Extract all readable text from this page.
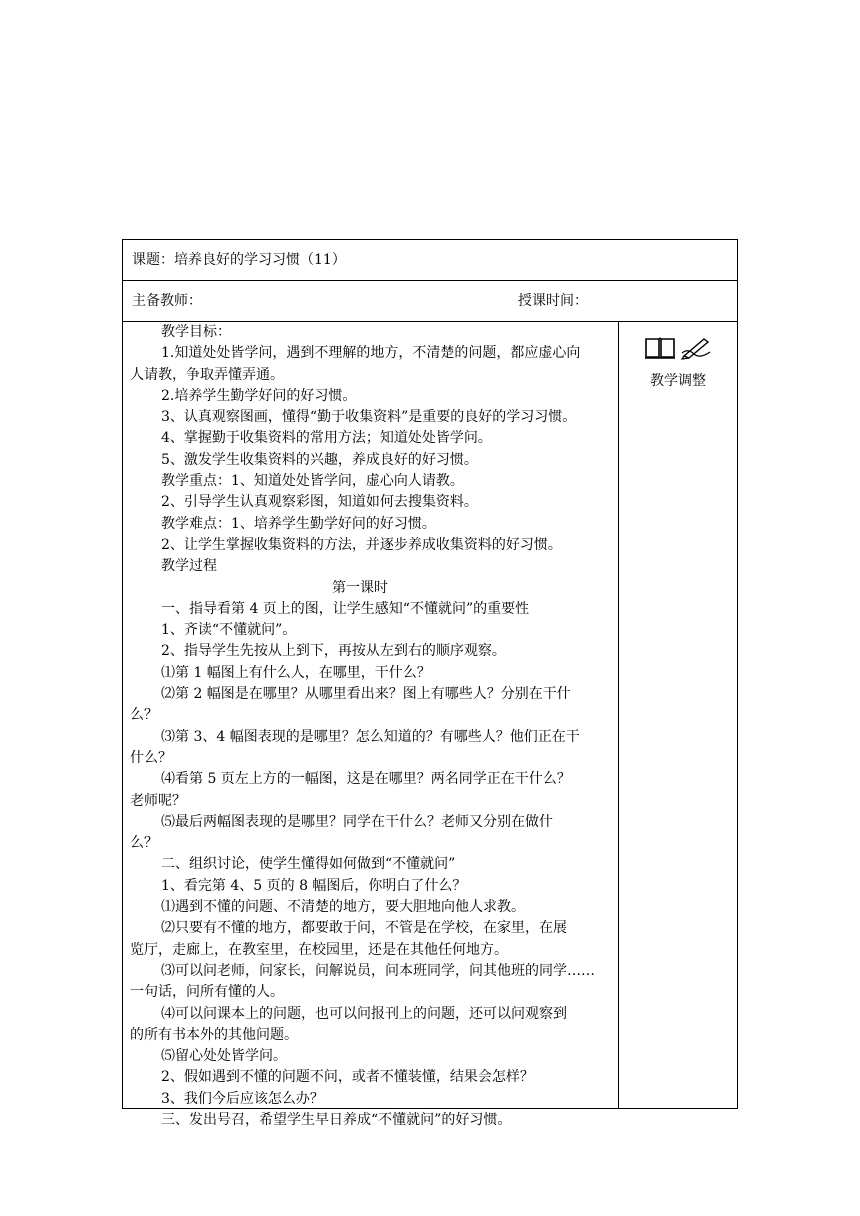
课题：培养良好的学习习惯（11）
主备教师：	授课时间：
教学目标：
1.知道处处皆学问，遇到不理解的地方，不清楚的问题，都应虚心向
人请教，争取弄懂弄通。
2.培养学生勤学好问的好习惯。
3、认真观察图画，懂得“勤于收集资料”是重要的良好的学习习惯。
4、掌握勤于收集资料的常用方法；知道处处皆学问。
5、激发学生收集资料的兴趣，养成良好的好习惯。
教学重点：1、知道处处皆学问，虚心向人请教。
2、引导学生认真观察彩图，知道如何去搜集资料。
教学难点：1、培养学生勤学好问的好习惯。
2、让学生掌握收集资料的方法，并逐步养成收集资料的好习惯。
教学过程
第一课时
一、指导看第 4 页上的图，让学生感知“不懂就问”的重要性
1、齐读“不懂就问”。
2、指导学生先按从上到下，再按从左到右的顺序观察。
⑴第 1 幅图上有什么人，在哪里，干什么？
⑵第 2 幅图是在哪里？从哪里看出来？图上有哪些人？分别在干什
么？
⑶第 3、4 幅图表现的是哪里？怎么知道的？有哪些人？他们正在干
什么？
⑷看第 5 页左上方的一幅图，这是在哪里？两名同学正在干什么？
老师呢？
⑸最后两幅图表现的是哪里？同学在干什么？老师又分别在做什
么？
二、组织讨论，使学生懂得如何做到“不懂就问”
1、看完第 4、5 页的 8 幅图后，你明白了什么？
⑴遇到不懂的问题、不清楚的地方，要大胆地向他人求教。
⑵只要有不懂的地方，都要敢于问，不管是在学校，在家里，在展
览厅，走廊上，在教室里，在校园里，还是在其他任何地方。
⑶可以问老师，问家长，问解说员，问本班同学，问其他班的同学……
一句话，问所有懂的人。
⑷可以问课本上的问题，也可以问报刊上的问题，还可以问观察到
的所有书本外的其他问题。
⑸留心处处皆学问。
2、假如遇到不懂的问题不问，或者不懂装懂，结果会怎样？
3、我们今后应该怎么办？
三、发出号召，希望学生早日养成“不懂就问”的好习惯。
教学调整
